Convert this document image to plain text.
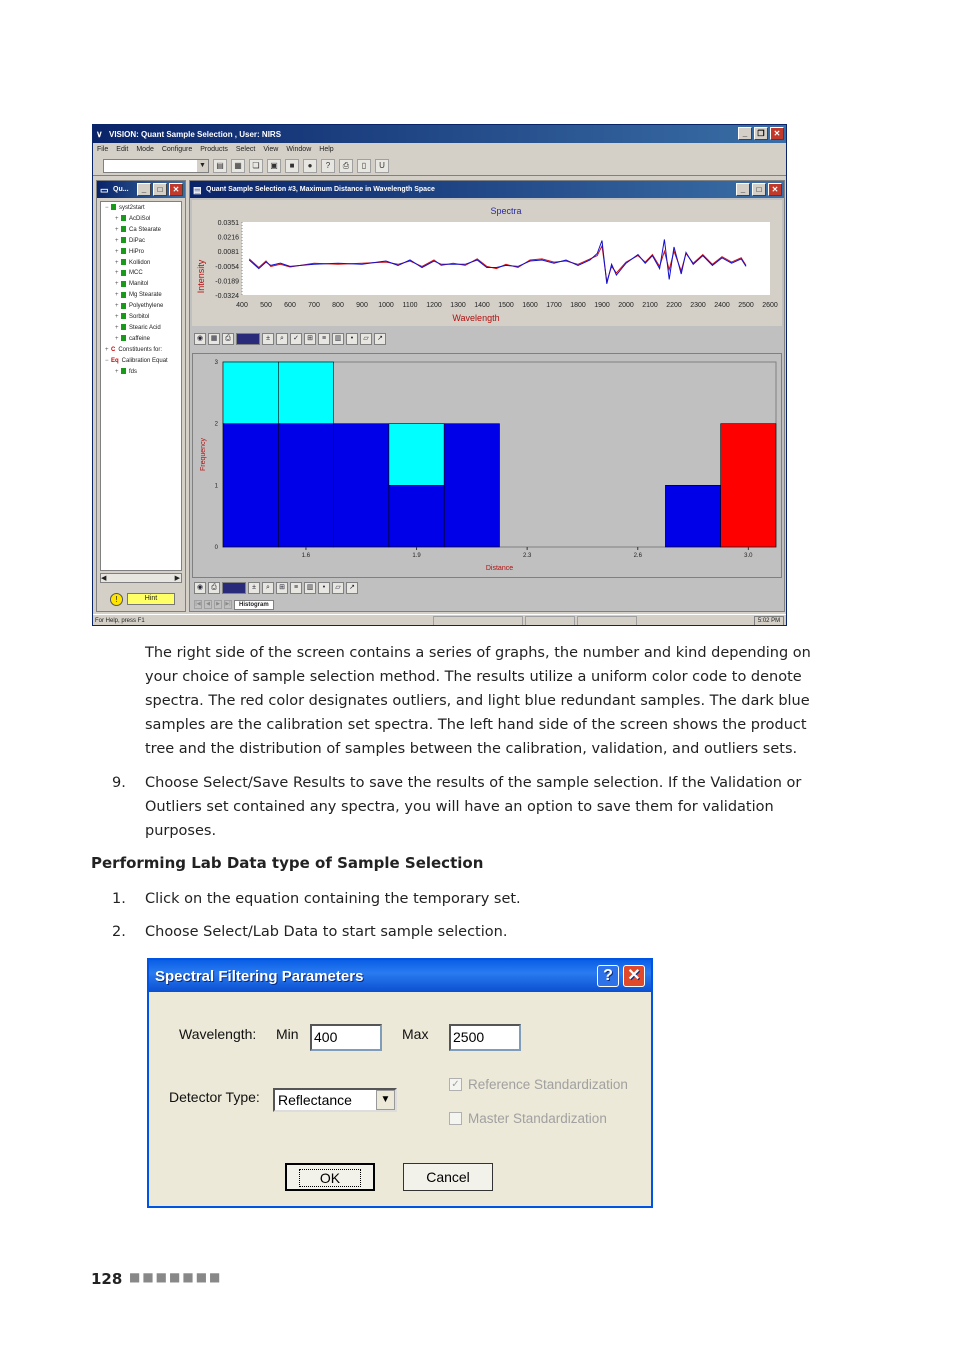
∨ VISION: Quant Sample Selection , User: NIRS	_	❐	✕
File Edit Mode Configure Products Select View Window Help
▼	▤	▦	❏	▣	■	●	?	⎙	▯	U
▭ Qu...	_	□	✕
− syst2start
+ AcDiSol
+ Ca Stearate
+ DiPac
+ HiPro
+ Kollidon
+ MCC
+ Manitol
+ Mg Stearate
+ Polyethylene
+ Sorbitol
+ Stearic Acid
+ caffeine
+ C Constituents for:
− Eq Calibration Equat
+ fds
◀	▶
!	Hint
▤ Quant Sample Selection #3, Maximum Distance in Wavelength Space	_	□	✕
Spectra
Wavelength
Intensity
400 500 600 700 800 900 1000 1100 1200 1300 1400 1500 1600 1700 1800 1900 2000 2100 2200 2300 2400 2500 2600
0.0351
0.0216
0.0081
-0.0054
-0.0189
-0.0324
◉	▦	⎙	±	⌕	✓	⊞	≡	▥	•	▱	↗
0
1
2
3
1.6	1.9	2.3	2.6	3.0
Distance
Frequency
◉	⎙	±	⌕	⊞	≡	▥	•	▱	↗
|◀	◀	▶	▶|	Histogram
For Help, press F1	5:02 PM

The right side of the screen contains a series of graphs, the number and kind depending on your choice of sample selection method. The results utilize a uniform color code to denote spectra. The red color designates outliers, and light blue redundant samples. The dark blue samples are the calibration set spectra. The left hand side of the screen shows the product tree and the distribution of samples between the calibration, validation, and outliers sets.

9. Choose Select/Save Results to save the results of the sample selection. If the Validation or Outliers set contained any spectra, you will have an option to save them for validation purposes.

Performing Lab Data type of Sample Selection
1. Click on the equation containing the temporary set.

2. Choose Select/Lab Data to start sample selection.

Spectral Filtering Parameters	? ✕
Wavelength: Min 400	Max 2500
Detector Type:	Reflectance	▼
✓ Reference Standardization
Master Standardization
OK	Cancel
128 ■■■■■■■
